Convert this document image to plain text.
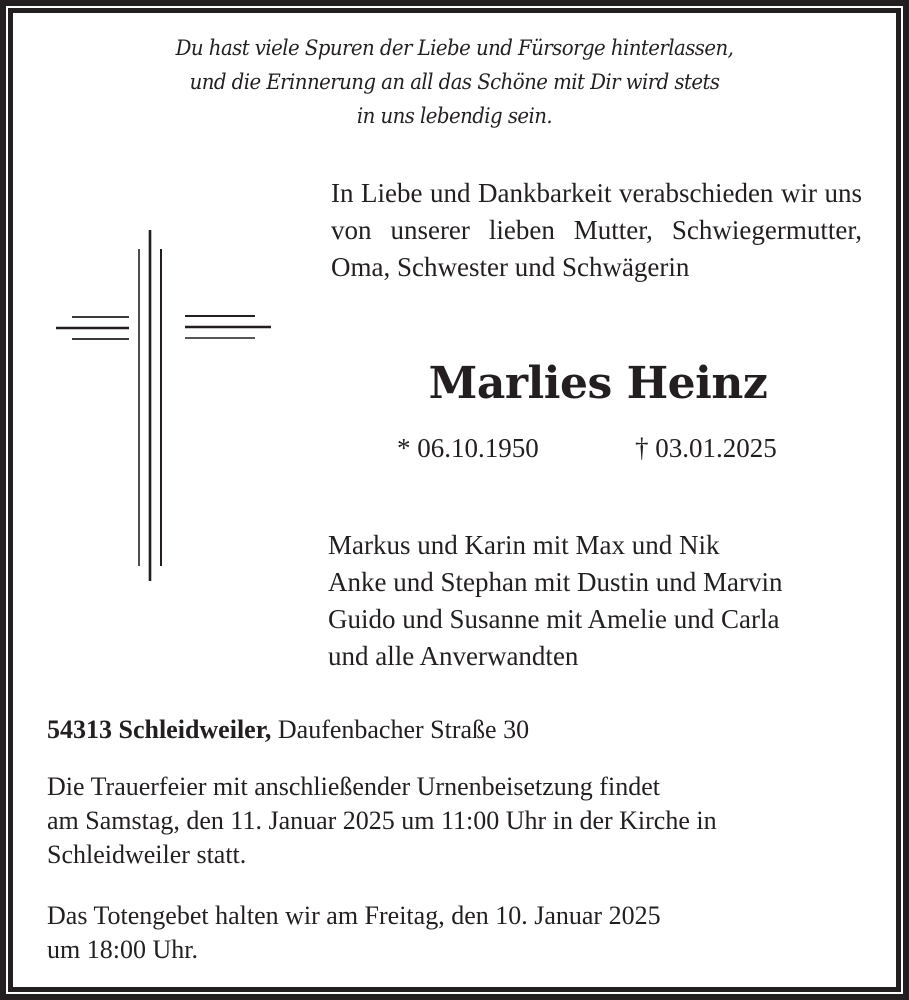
Du hast viele Spuren der Liebe und Fürsorge hinterlassen,
und die Erinnerung an all das Schöne mit Dir wird stets
in uns lebendig sein.
In Liebe und Dankbarkeit verabschieden wir uns von unserer lieben Mutter, Schwiegermutter, Oma, Schwester und Schwägerin
Marlies Heinz
* 06.10.1950	† 03.01.2025
Markus und Karin mit Max und Nik
Anke und Stephan mit Dustin und Marvin
Guido und Susanne mit Amelie und Carla
und alle Anverwandten
54313 Schleidweiler, Daufenbacher Straße 30
Die Trauerfeier mit anschließender Urnenbeisetzung findet
am Samstag, den 11. Januar 2025 um 11:00 Uhr in der Kirche in
Schleidweiler statt.
Das Totengebet halten wir am Freitag, den 10. Januar 2025
um 18:00 Uhr.
